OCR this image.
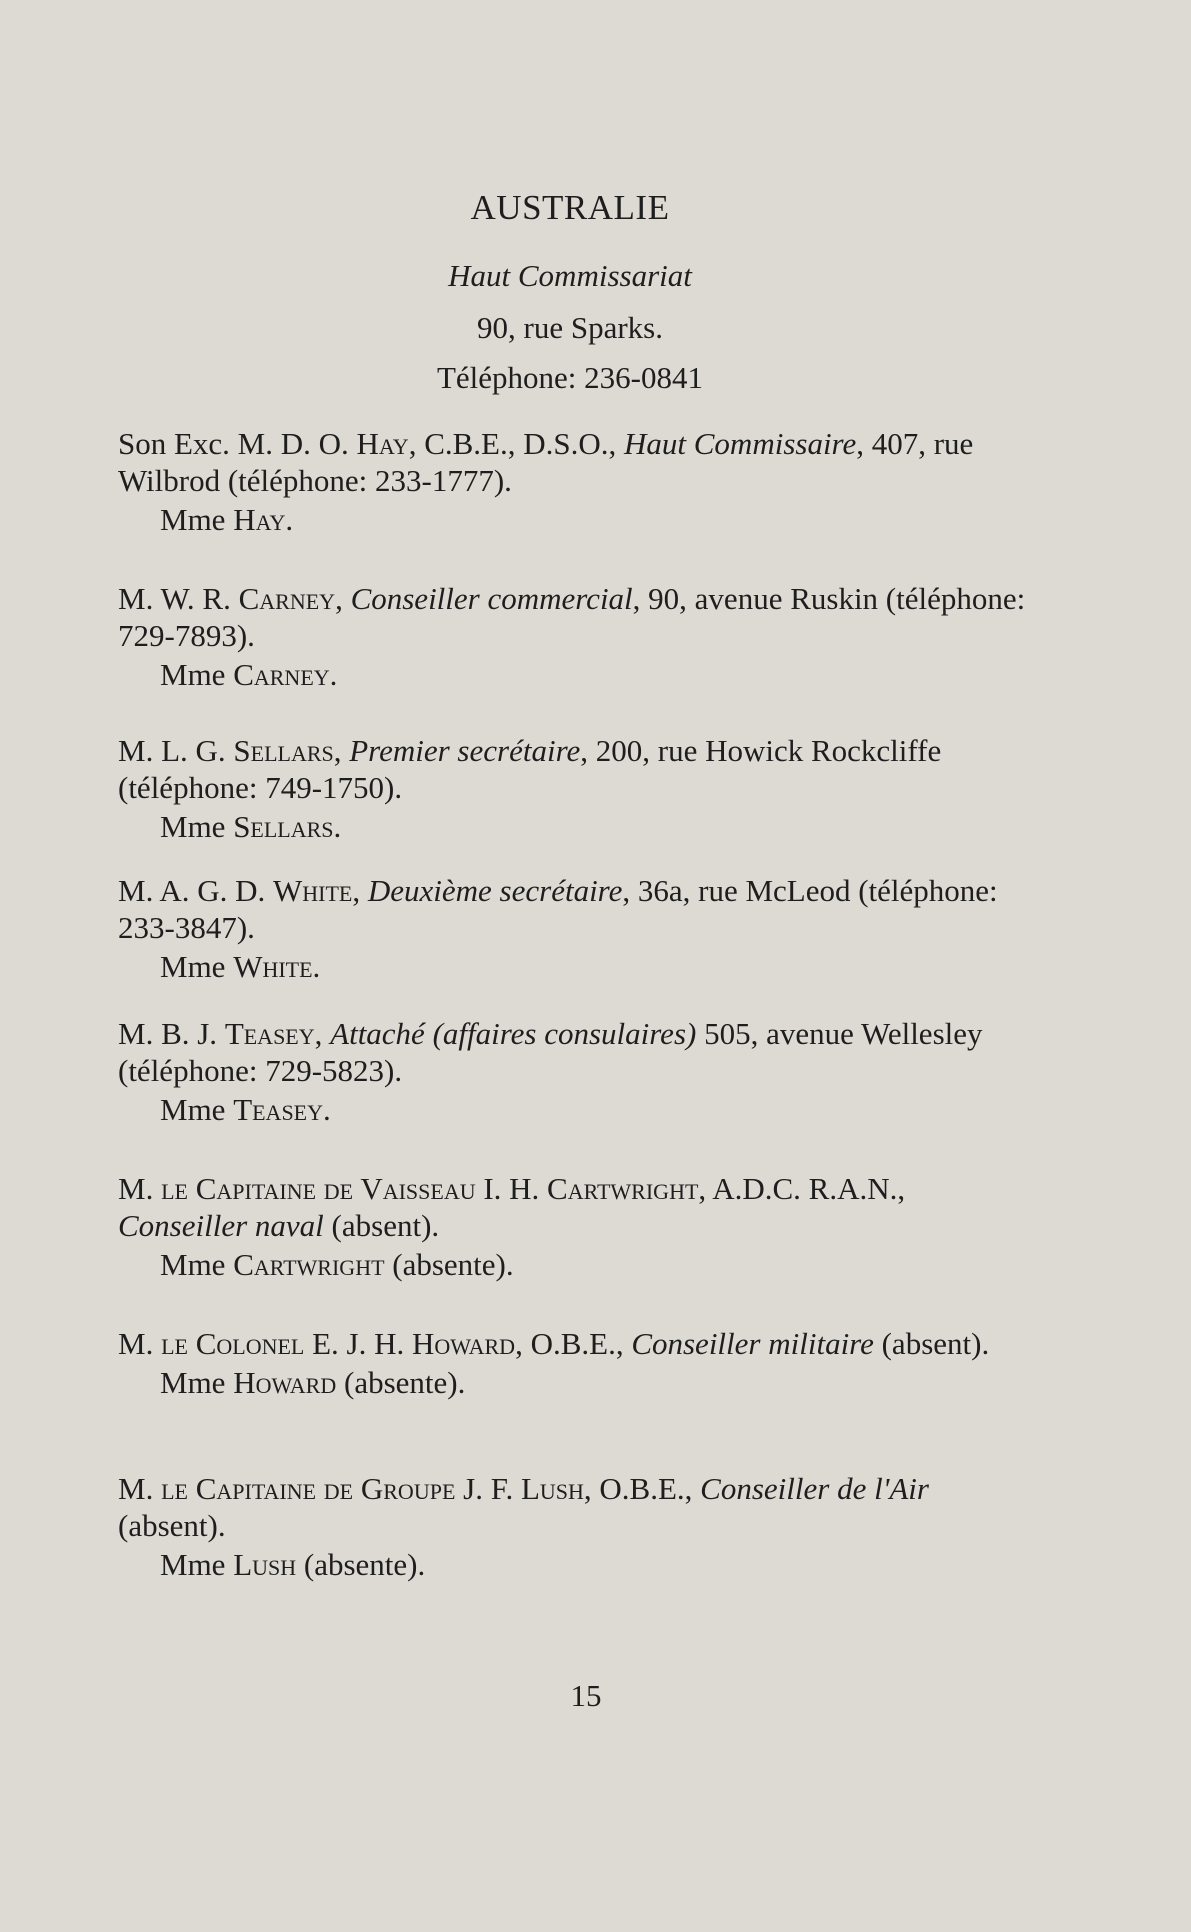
AUSTRALIE
Haut Commissariat
90, rue Sparks.
Téléphone: 236-0841

Son Exc. M. D. O. Hay, C.B.E., D.S.O., Haut Commissaire, 407, rue Wilbrod (téléphone: 233-1777).

Mme Hay.

M. W. R. Carney, Conseiller commercial, 90, avenue Ruskin (téléphone: 729-7893).

Mme Carney.

M. L. G. Sellars, Premier secrétaire, 200, rue Howick Rockcliffe (téléphone: 749-1750).

Mme Sellars.

M. A. G. D. White, Deuxième secrétaire, 36a, rue McLeod (téléphone: 233-3847).

Mme White.

M. B. J. Teasey, Attaché (affaires consulaires) 505, avenue Wellesley (téléphone: 729-5823).

Mme Teasey.

M. le Capitaine de Vaisseau I. H. Cartwright, A.D.C. R.A.N., Conseiller naval (absent).

Mme Cartwright (absente).

M. le Colonel E. J. H. Howard, O.B.E., Conseiller militaire (absent).

Mme Howard (absente).

M. le Capitaine de Groupe J. F. Lush, O.B.E., Conseiller de l'Air (absent).

Mme Lush (absente).

15
